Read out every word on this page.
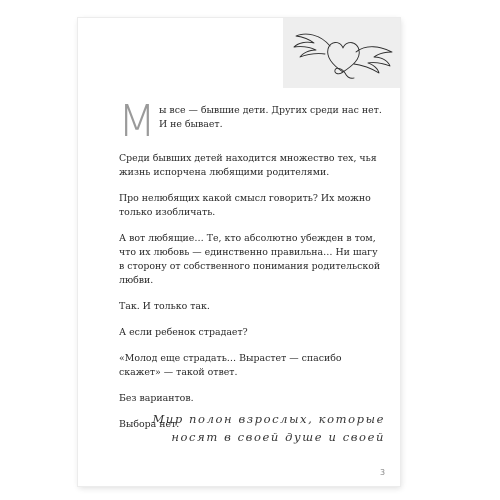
М ы все — бывшие дети. Других среди нас нет. И не бывает.

Среди бывших детей находится множество тех, чья жизнь испорчена любящими родителями.

Про нелюбящих какой смысл говорить? Их можно только изобличать.

А вот любящие… Те, кто абсолютно убежден в том, что их любовь — единственно правильна… Ни шагу в сторону от собственного понимания родительской любви.

Так. И только так.

А если ребенок страдает?

«Молод еще страдать… Вырастет — спасибо скажет» — такой ответ.

Без вариантов.

Выбора нет.

Мир полон взрослых, которые
носят в своей душе и своей
3
